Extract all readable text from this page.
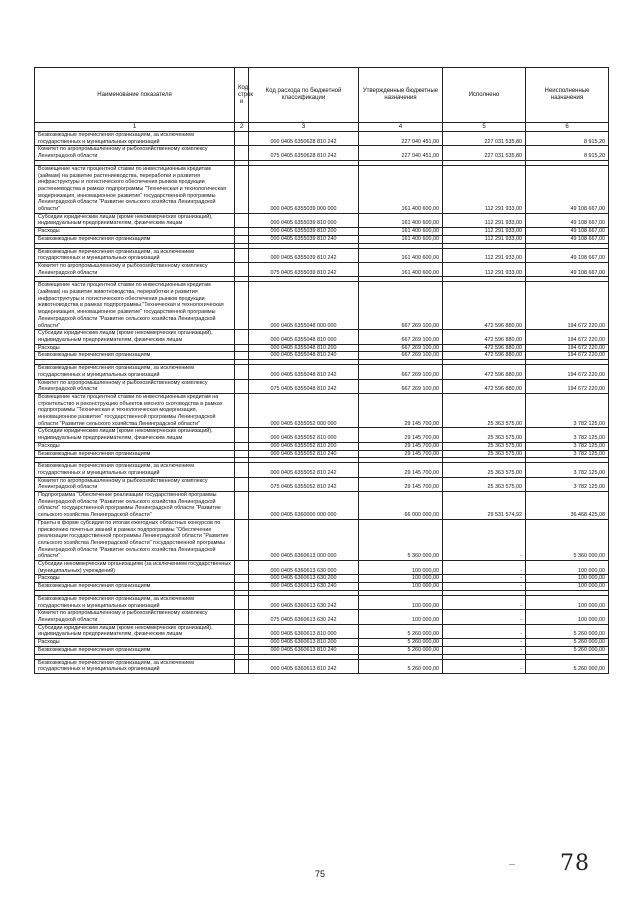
Наименование показателя	Код строк и	Код расхода по бюджетной классификации	Утвержденные бюджетные назначения	Исполнено	Неисполненные назначения
1	2	3	4	5	6
Безвозмездные перечисления организациям, за исключением государственных и муниципальных организаций		000 0405 6350628 810 242	227 040 451,00	227 031 535,80	8 915,20
Комитет по агропромышленному и рыбохозяйственному комплексу Ленинградской области		075 0405 6350628 810 242	227 040 451,00	227 031 535,80	8 915,20

Возмещение части процентной ставки по инвестиционным кредитам (займам) на развитие растениеводства, переработки и развития инфраструктуры и логистического обеспечения рынков продукции растениеводства в рамках подпрограммы "Техническая и технологическая модернизация, инновационное развитие" государственной программы Ленинградской области "Развитие сельского хозяйства Ленинградской области"		000 0405 6355039 000 000	161 400 600,00	112 291 933,00	49 108 667,00
Субсидии юридическим лицам (кроме некоммерческих организаций), индивидуальным предпринимателям, физическим лицам		000 0405 6355039 810 000	161 400 600,00	112 291 933,00	49 108 667,00
Расходы		000 0405 6355039 810 200	161 400 600,00	112 291 933,00	49 108 667,00
Безвозмездные перечисления организациям		000 0405 6355039 810 240	161 400 600,00	112 291 933,00	49 108 667,00

Безвозмездные перечисления организациям, за исключением государственных и муниципальных организаций		000 0405 6355039 810 242	161 400 600,00	112 291 933,00	49 108 667,00
Комитет по агропромышленному и рыбохозяйственному комплексу Ленинградской области		075 0405 6355039 810 242	161 400 600,00	112 291 933,00	49 108 667,00

Возмещение части процентной ставки по инвестиционным кредитам (займам) на развитие животноводства, переработки и развития инфраструктуры и логистического обеспечения рынков продукции животноводства в рамках подпрограммы "Техническая и технологическая модернизация, инновационное развитие" государственной программы Ленинградской области "Развитие сельского хозяйства Ленинградской области"		000 0405 6355048 000 000	667 269 100,00	472 596 880,00	194 672 220,00
Субсидии юридическим лицам (кроме некоммерческих организаций), индивидуальным предпринимателям, физическим лицам		000 0405 6355048 810 000	667 269 100,00	472 596 880,00	194 672 220,00
Расходы		000 0405 6355048 810 200	667 269 100,00	472 596 880,00	194 672 220,00
Безвозмездные перечисления организациям		000 0405 6355048 810 240	667 269 100,00	472 596 880,00	194 672 220,00

Безвозмездные перечисления организациям, за исключением государственных и муниципальных организаций		000 0405 6355048 810 242	667 269 100,00	472 596 880,00	194 672 220,00
Комитет по агропромышленному и рыбохозяйственному комплексу Ленинградской области		075 0405 6355048 810 242	667 269 100,00	472 596 880,00	194 672 220,00
Возмещение части процентной ставки по инвестиционным кредитам на строительство и реконструкцию объектов мясного скотоводства в рамках подпрограммы "Техническая и технологическая модернизация, инновационное развитие" государственной программы Ленинградской области "Развитие сельского хозяйства Ленинградской области"		000 0405 6355052 000 000	29 145 700,00	25 363 575,00	3 782 125,00
Субсидии юридическим лицам (кроме некоммерческих организаций), индивидуальным предпринимателям, физическим лицам		000 0405 6355052 810 000	29 145 700,00	25 363 575,00	3 782 125,00
Расходы		000 0405 6355052 810 200	29 145 700,00	25 363 575,00	3 782 125,00
Безвозмездные перечисления организациям		000 0405 6355052 810 240	29 145 700,00	25 363 575,00	3 782 125,00

Безвозмездные перечисления организациям, за исключением государственных и муниципальных организаций		000 0405 6355052 810 242	29 145 700,00	25 363 575,00	3 782 125,00
Комитет по агропромышленному и рыбохозяйственному комплексу Ленинградской области		075 0405 6355052 810 242	29 145 700,00	25 363 575,00	3 782 125,00
Подпрограмма "Обеспечение реализации государственной программы Ленинградской области "Развитие сельского хозяйства Ленинградской области" государственной программы Ленинградской области "Развитие сельского хозяйства Ленинградской области"		000 0405 6360000 000 000	66 000 000,00	29 531 574,92	36 468 425,08
Гранты в форме субсидии по итогам ежегодных областных конкурсов по присвоению почетных званий в рамках подпрограммы "Обеспечение реализации государственной программы Ленинградской области "Развитие сельского хозяйства Ленинградской области" государственной программы Ленинградской области "Развитие сельского хозяйства Ленинградской области"		000 0405 6360613 000 000	5 360 000,00	-	5 360 000,00
Субсидии некоммерческим организациям (за исключением государственных (муниципальных) учреждений)		000 0405 6360613 630 000	100 000,00	-	100 000,00
Расходы		000 0405 6360613 630 200	100 000,00	-	100 000,00
Безвозмездные перечисления организациям		000 0405 6360613 630 240	100 000,00	-	100 000,00

Безвозмездные перечисления организациям, за исключением государственных и муниципальных организаций		000 0405 6360613 630 242	100 000,00	-	100 000,00
Комитет по агропромышленному и рыбохозяйственному комплексу Ленинградской области		075 0405 6360613 630 242	100 000,00	-	100 000,00
Субсидии юридическим лицам (кроме некоммерческих организаций), индивидуальным предпринимателям, физическим лицам		000 0405 6360613 810 000	5 260 000,00	-	5 260 000,00
Расходы		000 0405 6360613 810 200	5 260 000,00	-	5 260 000,00
Безвозмездные перечисления организациям		000 0405 6360613 810 240	5 260 000,00	-	5 260 000,00

Безвозмездные перечисления организациям, за исключением государственных и муниципальных организаций		000 0405 6360613 810 242	5 260 000,00	-	5 260 000,00
75
— 78
